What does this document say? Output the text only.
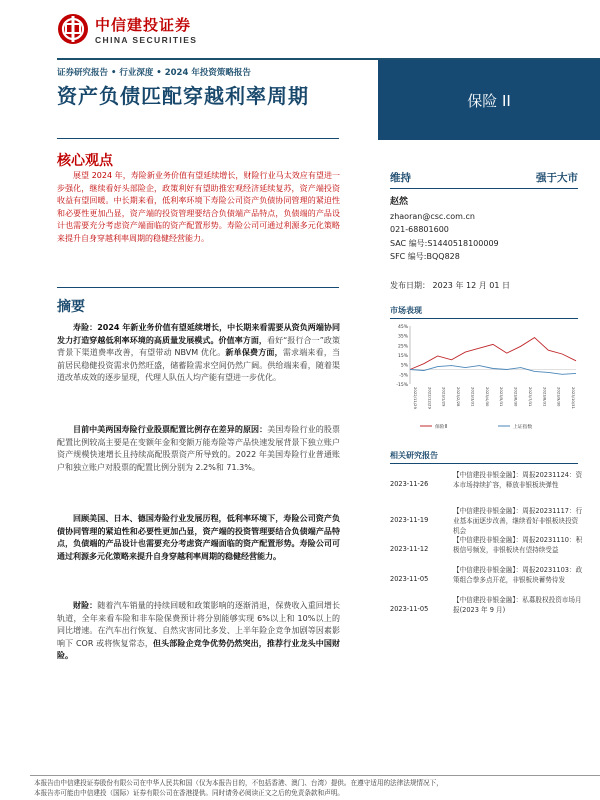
中信建投证券
CHINA SECURITIES
证券研究报告 • 行业深度 • 2024 年投资策略报告
资产负债匹配穿越利率周期	保险 II
核心观点
展望 2024 年，寿险新业务价值有望延续增长，财险行业马太效应有望进一步强化，继续看好头部险企，政策利好有望助推宏观经济延续复苏，资产端投资收益有望回暖。中长期来看，低利率环境下寿险公司资产负债协同管理的紧迫性和必要性更加凸显，资产端的投资管理要结合负债端产品特点，负债端的产品设计也需要充分考虑资产端面临的资产配置形势。寿险公司可通过利源多元化策略来提升自身穿越利率周期的稳健经营能力。
摘要
寿险：2024 年新业务价值有望延续增长，中长期来看需要从资负两端协同发力打造穿越低利率环境的高质量发展模式。价值率方面，看好“报行合一”政策背景下渠道费率改善，有望带动 NBVM 优化。新单保费方面，需求端来看，当前居民稳健投资需求仍然旺盛，储蓄险需求空间仍然广阔。供给端来看，随着渠道改革成效的逐步显现，代理人队伍人均产能有望进一步优化。
目前中美两国寿险行业股票配置比例存在差异的原因：美国寿险行业的股票配置比例较高主要是在变额年金和变额万能寿险等产品快速发展背景下独立账户资产规模快速增长且持续高配股票资产所导致的。2022 年美国寿险行业普通账户和独立账户对股票的配置比例分别为 2.2%和 71.3%。
回顾美国、日本、德国寿险行业发展历程，低利率环境下，寿险公司资产负债协同管理的紧迫性和必要性更加凸显，资产端的投资管理要结合负债端产品特点，负债端的产品设计也需要充分考虑资产端面临的资产配置形势。寿险公司可通过利源多元化策略来提升自身穿越利率周期的稳健经营能力。
财险：随着汽车销量的持续回暖和政策影响的逐渐消退，保费收入重回增长轨道，全年来看车险和非车险保费预计将分别能够实现 6%以上和 10%以上的同比增速。在汽车出行恢复、自然灾害同比多发、上半年险企竞争加剧等因素影响下 COR 或将恢复常态，但头部险企竞争优势仍然突出，推荐行业龙头中国财险。
维持	强于大市
赵然
zhaoran@csc.com.cn
021-68801600
SAC 编号:S1440518100009
SFC 编号:BQQ828
发布日期： 2023 年 12 月 01 日
市场表现
45%
35%
25%
15%
5%
-5%
-15%
2022/11/29 2022/12/29 2023/1/29 2023/2/28 2023/3/31 2023/4/30 2023/5/31 2023/6/30 2023/7/31 2023/8/31 2023/9/30 2023/10/31
保险Ⅱ	上证指数
相关研究报告
2023-11-26
【中信建投非银金融】：周报20231124：资本市场持续扩容，释放非银板块弹性
2023-11-19
【中信建投非银金融】：周报20231117：行业基本面逐步改善，继续看好非银板块投资机会
2023-11-12
【中信建投非银金融】：周报20231110：积极信号频发，非银板块有望持续受益
2023-11-05
【中信建投非银金融】：周报20231103：政策组合拳多点开花，非银板块蓄势待发
2023-11-05
【中信建投非银金融】：私募股权投资市场月报(2023 年 9 月)
本报告由中信建投证券股份有限公司在中华人民共和国（仅为本报告目的，不包括香港、澳门、台湾）提供。在遵守适用的法律法规情况下，
本报告亦可能由中信建投（国际）证券有限公司在香港提供。同时请务必阅读正文之后的免责条款和声明。
